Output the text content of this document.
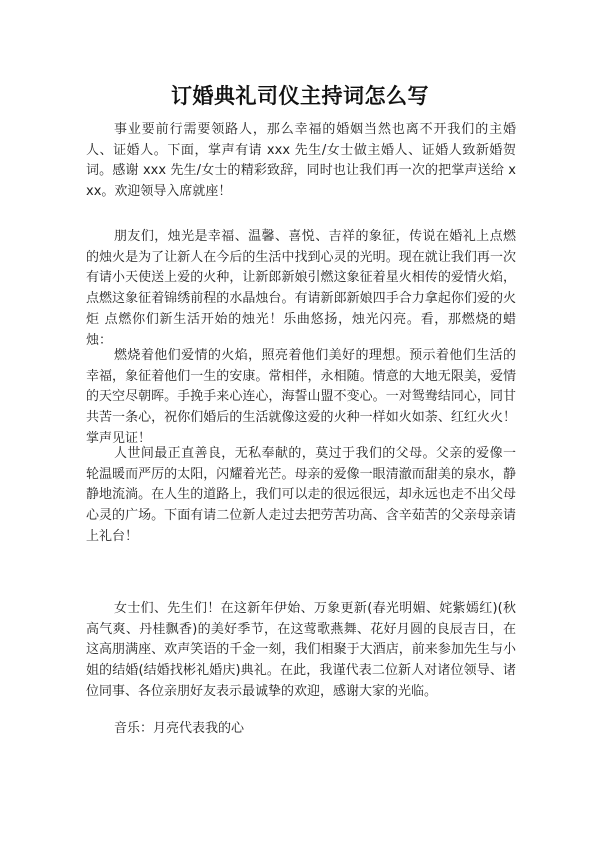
订婚典礼司仪主持词怎么写

事业要前行需要领路人，那么幸福的婚姻当然也离不开我们的主婚人、证婚人。下面，掌声有请 xxx 先生/女士做主婚人、证婚人致新婚贺词。感谢 xxx 先生/女士的精彩致辞，同时也让我们再一次的把掌声送给 xxx。欢迎领导入席就座！

朋友们，烛光是幸福、温馨、喜悦、吉祥的象征，传说在婚礼上点燃的烛火是为了让新人在今后的生活中找到心灵的光明。现在就让我们再一次有请小天使送上爱的火种，让新郎新娘引燃这象征着星火相传的爱情火焰，点燃这象征着锦绣前程的水晶烛台。有请新郎新娘四手合力拿起你们爱的火炬 点燃你们新生活开始的烛光！乐曲悠扬，烛光闪亮。看，那燃烧的蜡烛：

燃烧着他们爱情的火焰，照亮着他们美好的理想。预示着他们生活的幸福，象征着他们一生的安康。常相伴，永相随。情意的大地无限美，爱情的天空尽朝晖。手挽手来心连心，海誓山盟不变心。一对鸳鸯结同心，同甘共苦一条心，祝你们婚后的生活就像这爱的火种一样如火如荼、红红火火！掌声见证！

人世间最正直善良，无私奉献的，莫过于我们的父母。父亲的爱像一轮温暖而严厉的太阳，闪耀着光芒。母亲的爱像一眼清澈而甜美的泉水，静静地流淌。在人生的道路上，我们可以走的很远很远，却永远也走不出父母心灵的广场。下面有请二位新人走过去把劳苦功高、含辛茹苦的父亲母亲请上礼台！

女士们、先生们！在这新年伊始、万象更新(春光明媚、姹紫嫣红)(秋高气爽、丹桂飘香)的美好季节，在这莺歌燕舞、花好月圆的良辰吉日，在这高朋满座、欢声笑语的千金一刻，我们相聚于大酒店，前来参加先生与小姐的结婚(结婚找彬礼婚庆)典礼。在此，我谨代表二位新人对诸位领导、诸位同事、各位亲朋好友表示最诚挚的欢迎，感谢大家的光临。

音乐：月亮代表我的心
